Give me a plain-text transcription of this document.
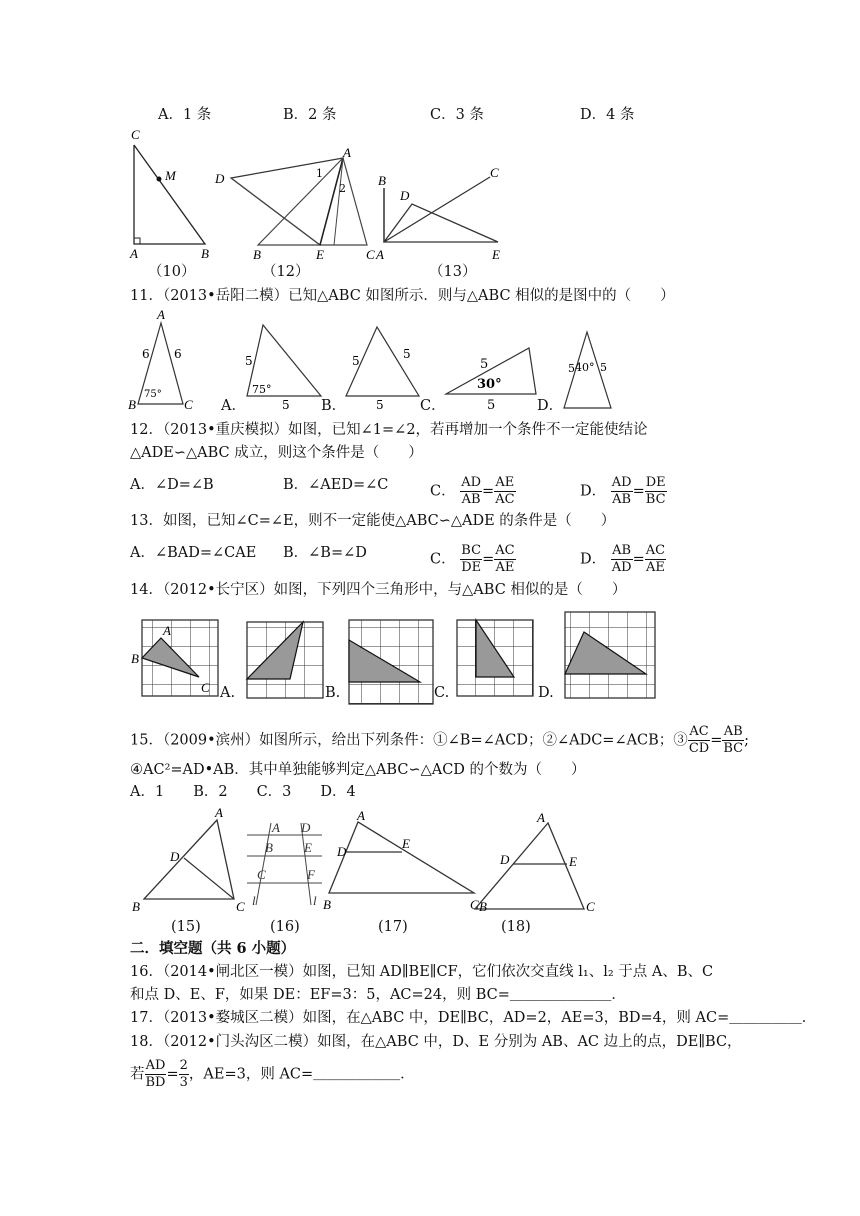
A．1 条	B．2 条	C．3 条	D．4 条
C
M
A	B
D
A
1
2
B	E	C
B
D
C
A	E
（10）	（12）	（13）
11．（2013•岳阳二模）已知△ABC 如图所示．则与△ABC 相似的是图中的（　　）
A
B	C
6 6
75°
5
5
75°
5	5
5
5
5
30°
5 40° 5
A．	B．	C．	D．
12．（2013•重庆模拟）如图，已知∠1=∠2，若再增加一个条件不一定能使结论
△ADE∽△ABC 成立，则这个条件是（　　）
A．∠D=∠B	B．∠AED=∠C	C． $\frac{AD}{AB} = \frac{AE}{AC}$	D． $\frac{AD}{AB} = \frac{DE}{BC}$
13．如图，已知∠C=∠E，则不一定能使△ABC∽△ADE 的条件是（　　）
A．∠BAD=∠CAE B．∠B=∠D	C． $\frac{BC}{DE} = \frac{AC}{AE}$	D． $\frac{AB}{AD} = \frac{AC}{AE}$
14．（2012•长宁区）如图，下列四个三角形中，与△ABC 相似的是（　　）
A
B
C A.	B.	C.	D.
15．（2009•滨州）如图所示，给出下列条件：①∠B=∠ACD；②∠ADC=∠ACB；③ $\frac{AC}{CD} = \frac{AB}{BC}$ ;
④AC²=AD•AB．其中单独能够判定△ABC∽△ACD 的个数为（　　）
A．1　　B．2　　C．3　　D．4
A
D
B	C
A D
B E
C	F
l	l
A
D
E
B	C
A
D	E
B	C
(15)	(16)	(17)	(18)
二．填空题（共 6 小题）
16．（2014•闸北区一模）如图，已知 AD∥BE∥CF，它们依次交直线 l₁、l₂ 于点 A、B、C
和点 D、E、F，如果 DE：EF=3：5，AC=24，则 BC=＿＿＿＿＿＿＿．
17．（2013•婺城区二模）如图，在△ABC 中，DE∥BC，AD=2，AE=3，BD=4，则 AC=＿＿＿＿＿．
18．（2012•门头沟区二模）如图，在△ABC 中，D、E 分别为 AB、AC 边上的点，DE∥BC，
若 $\frac{AD}{BD} = \frac{2}{3}$ ，AE=3，则 AC=＿＿＿＿＿＿．
